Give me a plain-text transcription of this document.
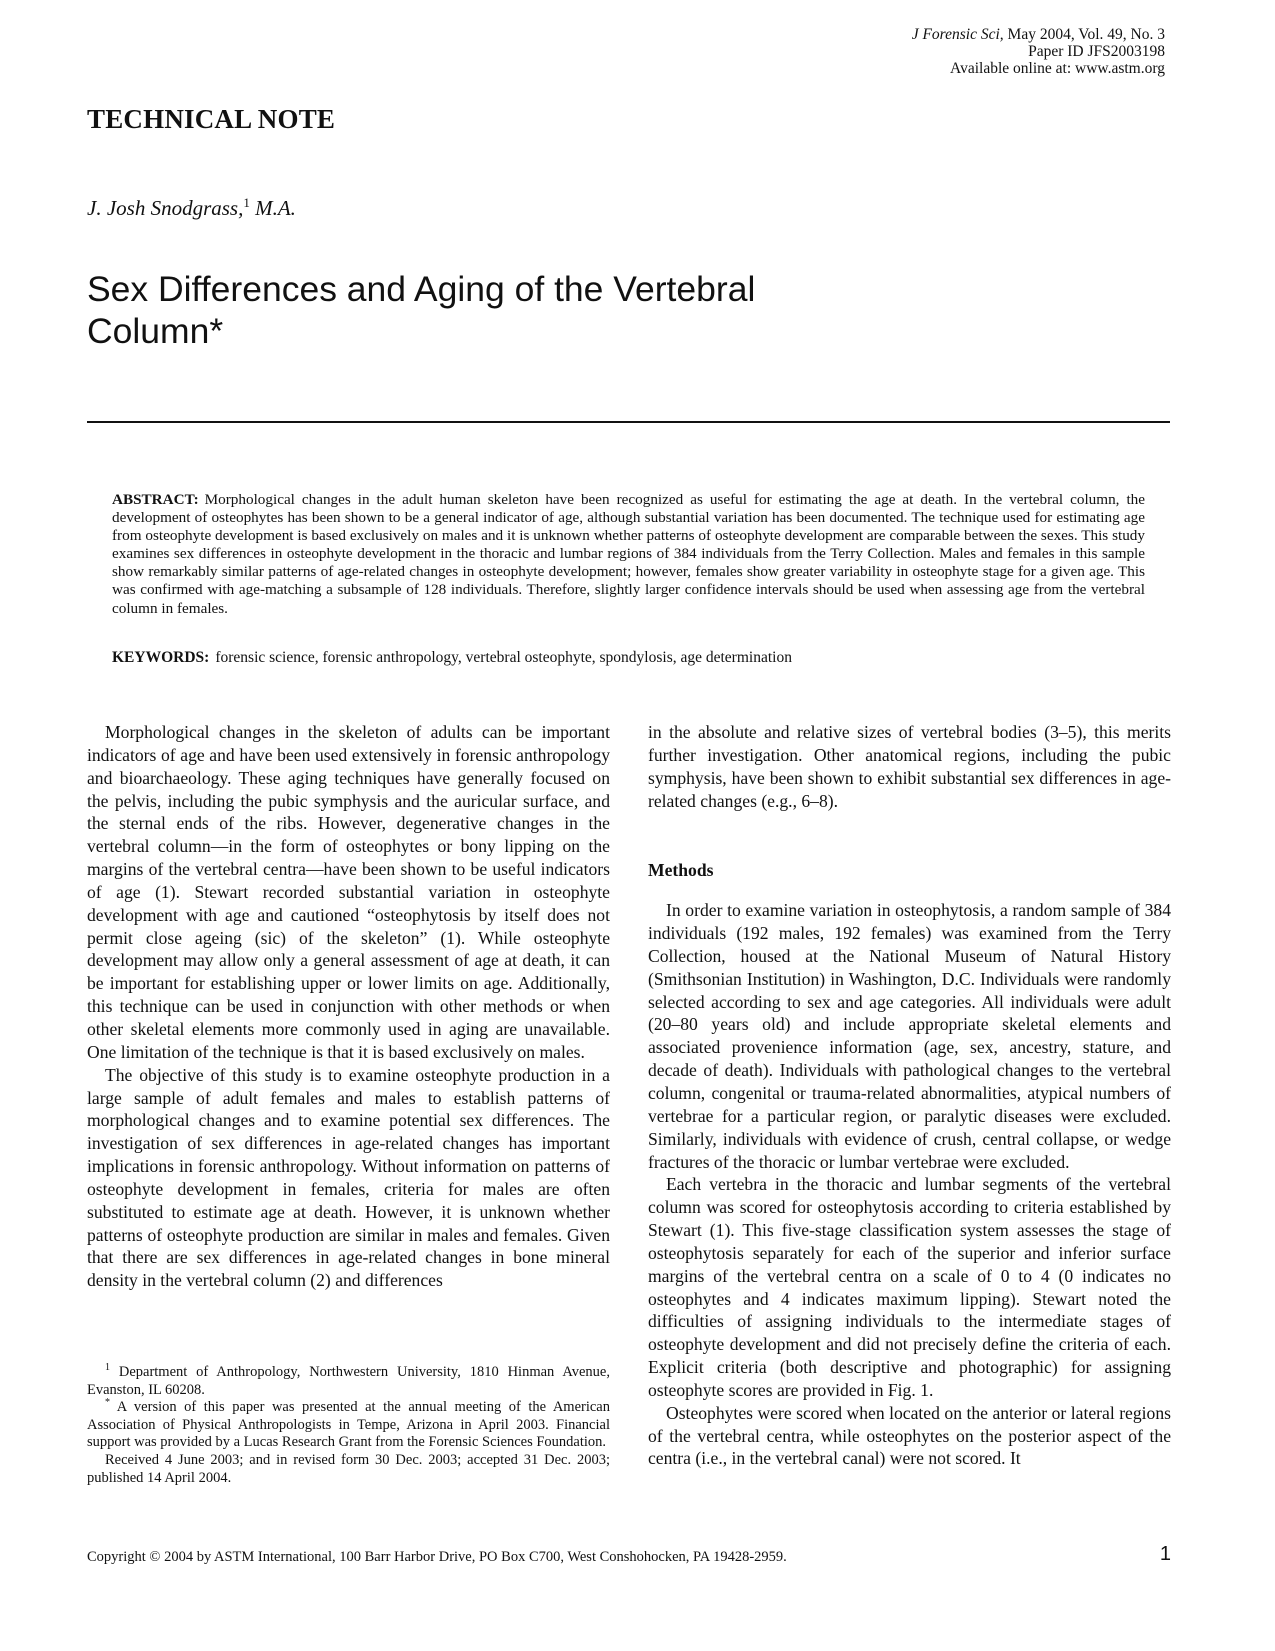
J Forensic Sci, May 2004, Vol. 49, No. 3
Paper ID JFS2003198
Available online at: www.astm.org
TECHNICAL NOTE
J. Josh Snodgrass,$^1$ M.A.
Sex Differences and Aging of the Vertebral
Column*
ABSTRACT: Morphological changes in the adult human skeleton have been recognized as useful for estimating the age at death. In the vertebral column, the development of osteophytes has been shown to be a general indicator of age, although substantial variation has been documented. The technique used for estimating age from osteophyte development is based exclusively on males and it is unknown whether patterns of osteophyte development are comparable between the sexes. This study examines sex differences in osteophyte development in the thoracic and lumbar regions of 384 individuals from the Terry Collection. Males and females in this sample show remarkably similar patterns of age-related changes in osteophyte development; however, females show greater variability in osteophyte stage for a given age. This was confirmed with age-matching a subsample of 128 individuals. Therefore, slightly larger confidence intervals should be used when assessing age from the vertebral column in females.
KEYWORDS: forensic science, forensic anthropology, vertebral osteophyte, spondylosis, age determination

Morphological changes in the skeleton of adults can be important indicators of age and have been used extensively in forensic anthropology and bioarchaeology. These aging techniques have generally focused on the pelvis, including the pubic symphysis and the auricular surface, and the sternal ends of the ribs. However, degenerative changes in the vertebral column—in the form of osteophytes or bony lipping on the margins of the vertebral centra—have been shown to be useful indicators of age (1). Stewart recorded substantial variation in osteophyte development with age and cautioned “osteophytosis by itself does not permit close ageing (sic) of the skeleton” (1). While osteophyte development may allow only a general assessment of age at death, it can be important for establishing upper or lower limits on age. Additionally, this technique can be used in conjunction with other methods or when other skeletal elements more commonly used in aging are unavailable. One limitation of the technique is that it is based exclusively on males.

The objective of this study is to examine osteophyte production in a large sample of adult females and males to establish patterns of morphological changes and to examine potential sex differences. The investigation of sex differences in age-related changes has important implications in forensic anthropology. Without information on patterns of osteophyte development in females, criteria for males are often substituted to estimate age at death. However, it is unknown whether patterns of osteophyte production are similar in males and females. Given that there are sex differences in age-related changes in bone mineral density in the vertebral column (2) and differences

in the absolute and relative sizes of vertebral bodies (3–5), this merits further investigation. Other anatomical regions, including the pubic symphysis, have been shown to exhibit substantial sex differences in age-related changes (e.g., 6–8).

Methods

In order to examine variation in osteophytosis, a random sample of 384 individuals (192 males, 192 females) was examined from the Terry Collection, housed at the National Museum of Natural History (Smithsonian Institution) in Washington, D.C. Individuals were randomly selected according to sex and age categories. All individuals were adult (20–80 years old) and include appropriate skeletal elements and associated provenience information (age, sex, ancestry, stature, and decade of death). Individuals with pathological changes to the vertebral column, congenital or trauma-related abnormalities, atypical numbers of vertebrae for a particular region, or paralytic diseases were excluded. Similarly, individuals with evidence of crush, central collapse, or wedge fractures of the thoracic or lumbar vertebrae were excluded.

Each vertebra in the thoracic and lumbar segments of the vertebral column was scored for osteophytosis according to criteria established by Stewart (1). This five-stage classification system assesses the stage of osteophytosis separately for each of the superior and inferior surface margins of the vertebral centra on a scale of 0 to 4 (0 indicates no osteophytes and 4 indicates maximum lipping). Stewart noted the difficulties of assigning individuals to the intermediate stages of osteophyte development and did not precisely define the criteria of each. Explicit criteria (both descriptive and photographic) for assigning osteophyte scores are provided in Fig. 1.

Osteophytes were scored when located on the anterior or lateral regions of the vertebral centra, while osteophytes on the posterior aspect of the centra (i.e., in the vertebral canal) were not scored. It

$^1$ Department of Anthropology, Northwestern University, 1810 Hinman Avenue, Evanston, IL 60208.

* A version of this paper was presented at the annual meeting of the American Association of Physical Anthropologists in Tempe, Arizona in April 2003. Financial support was provided by a Lucas Research Grant from the Forensic Sciences Foundation.

Received 4 June 2003; and in revised form 30 Dec. 2003; accepted 31 Dec. 2003; published 14 April 2004.

Copyright © 2004 by ASTM International, 100 Barr Harbor Drive, PO Box C700, West Conshohocken, PA 19428-2959.	1
